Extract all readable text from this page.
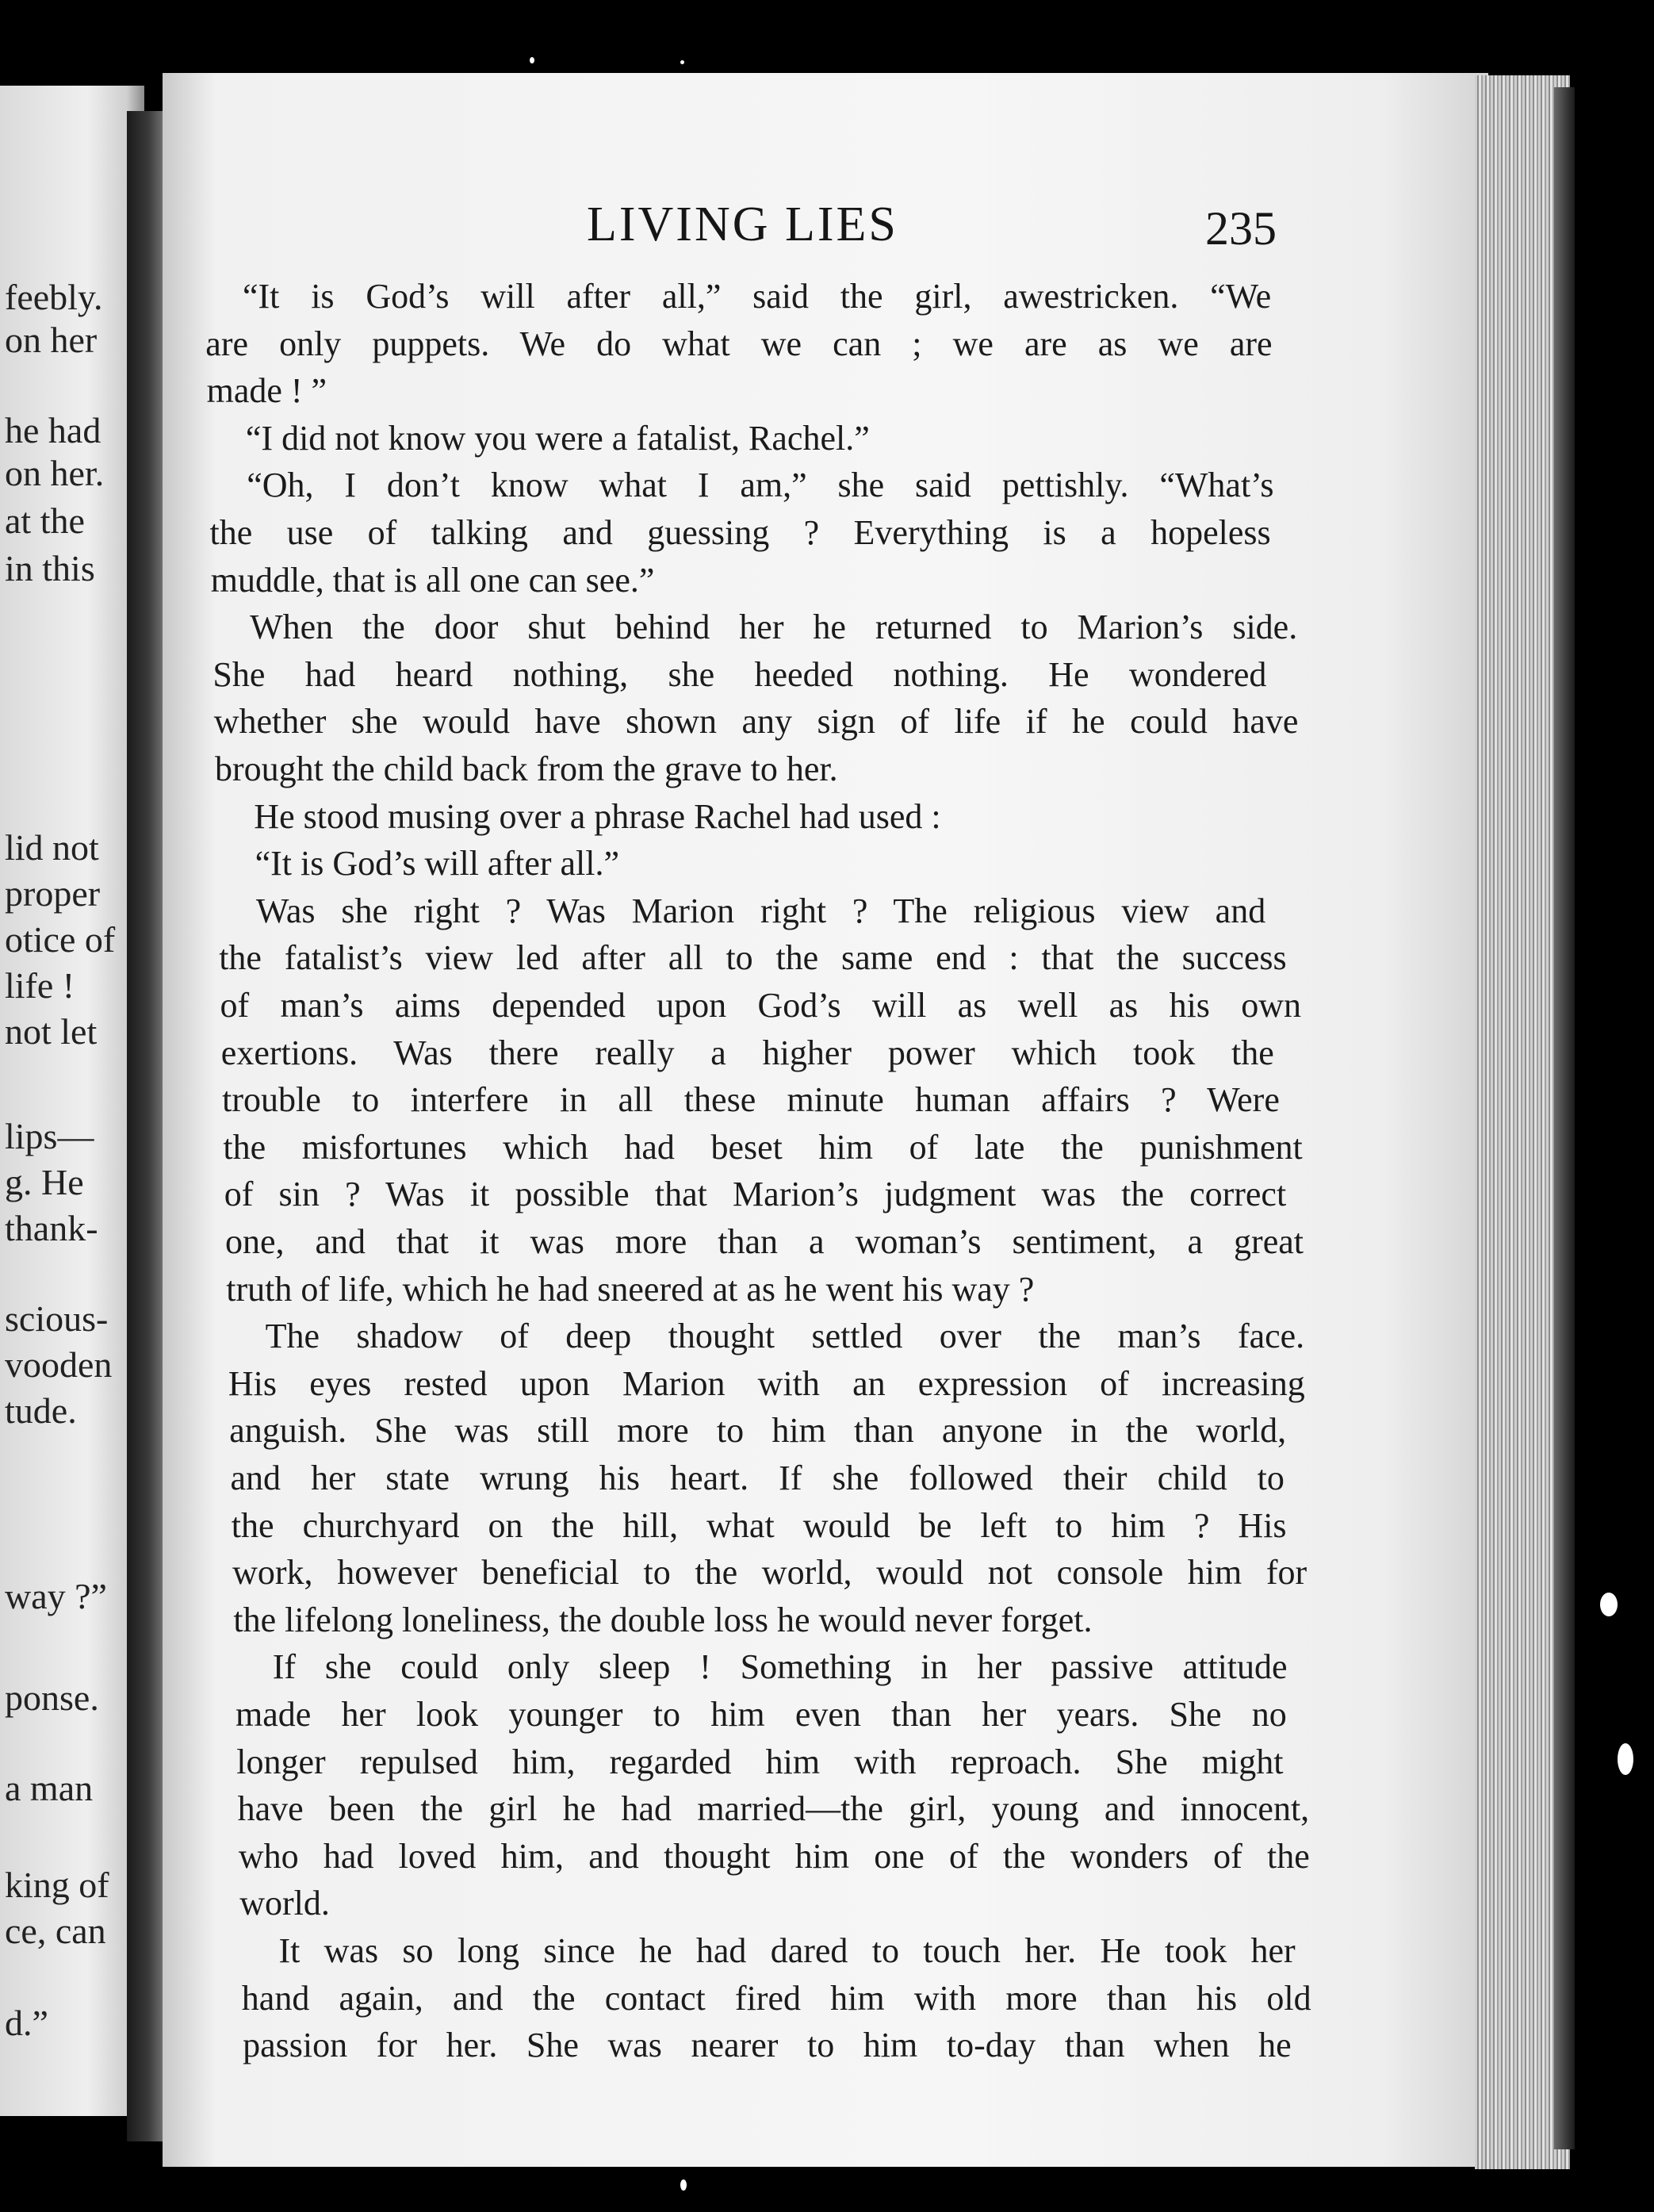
feebly.
on her
he had
on her.
at the
in this
lid not
proper
otice of
life !
not let
lips—
g. He
thank-
scious-
vooden
tude.
way ?”
ponse.
a man
king of
ce, can
d.”
LIVING LIES	235
“It is God’s will after all,” said the girl, awestricken. “We
are only puppets. We do what we can ; we are as we are
made ! ”
“I did not know you were a fatalist, Rachel.”
“Oh, I don’t know what I am,” she said pettishly. “What’s
the use of talking and guessing ? Everything is a hopeless
muddle, that is all one can see.”
When the door shut behind her he returned to Marion’s side.
She had heard nothing, she heeded nothing. He wondered
whether she would have shown any sign of life if he could have
brought the child back from the grave to her.
He stood musing over a phrase Rachel had used :
“It is God’s will after all.”
Was she right ? Was Marion right ? The religious view and
the fatalist’s view led after all to the same end : that the success
of man’s aims depended upon God’s will as well as his own
exertions. Was there really a higher power which took the
trouble to interfere in all these minute human affairs ? Were
the misfortunes which had beset him of late the punishment
of sin ? Was it possible that Marion’s judgment was the correct
one, and that it was more than a woman’s sentiment, a great
truth of life, which he had sneered at as he went his way ?
The shadow of deep thought settled over the man’s face.
His eyes rested upon Marion with an expression of increasing
anguish. She was still more to him than anyone in the world,
and her state wrung his heart. If she followed their child to
the churchyard on the hill, what would be left to him ? His
work, however beneficial to the world, would not console him for
the lifelong loneliness, the double loss he would never forget.
If she could only sleep ! Something in her passive attitude
made her look younger to him even than her years. She no
longer repulsed him, regarded him with reproach. She might
have been the girl he had married—the girl, young and innocent,
who had loved him, and thought him one of the wonders of the
world.
It was so long since he had dared to touch her. He took her
hand again, and the contact fired him with more than his old
passion for her. She was nearer to him to-day than when he
